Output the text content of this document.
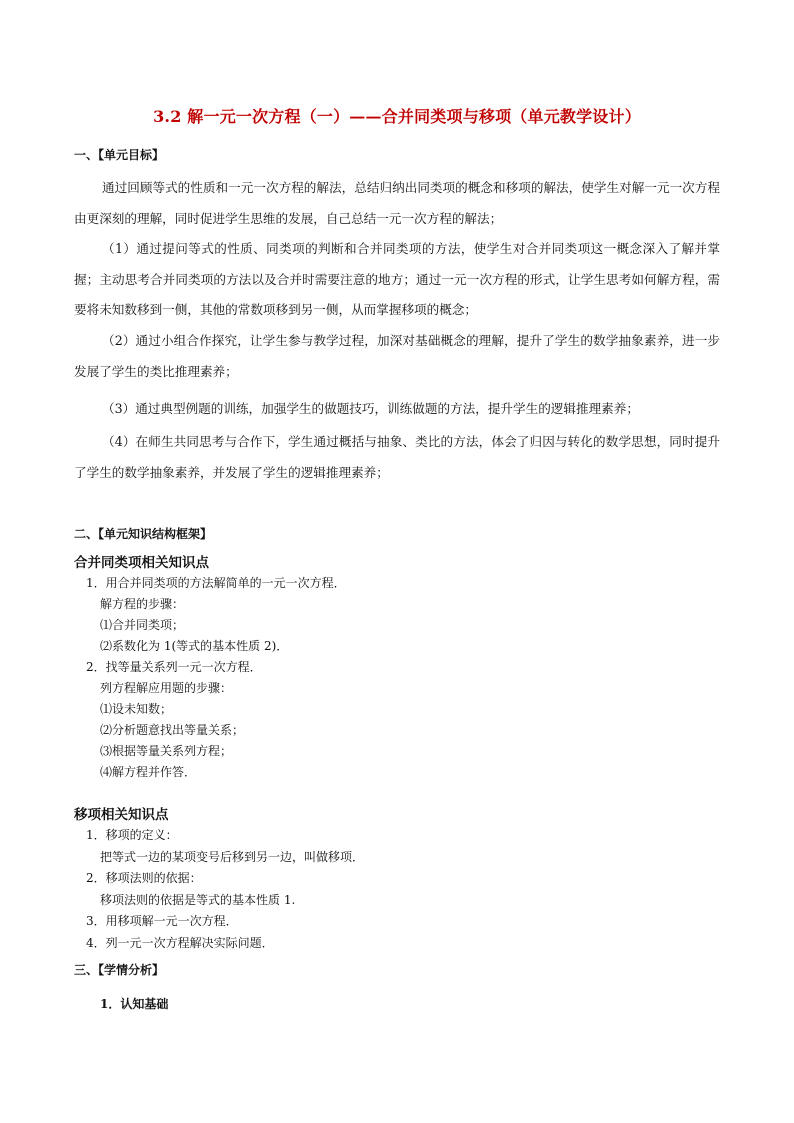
3.2 解一元一次方程（一）——合并同类项与移项（单元教学设计）
一、【单元目标】

通过回顾等式的性质和一元一次方程的解法，总结归纳出同类项的概念和移项的解法，使学生对解一元一次方程由更深刻的理解，同时促进学生思维的发展，自己总结一元一次方程的解法；

（1）通过提问等式的性质、同类项的判断和合并同类项的方法，使学生对合并同类项这一概念深入了解并掌握；主动思考合并同类项的方法以及合并时需要注意的地方；通过一元一次方程的形式，让学生思考如何解方程，需要将未知数移到一侧，其他的常数项移到另一侧，从而掌握移项的概念；

（2）通过小组合作探究，让学生参与教学过程，加深对基础概念的理解，提升了学生的数学抽象素养，进一步发展了学生的类比推理素养；

（3）通过典型例题的训练，加强学生的做题技巧，训练做题的方法，提升学生的逻辑推理素养；

（4）在师生共同思考与合作下，学生通过概括与抽象、类比的方法，体会了归因与转化的数学思想，同时提升了学生的数学抽象素养，并发展了学生的逻辑推理素养；

二、【单元知识结构框架】
合并同类项相关知识点
1．用合并同类项的方法解简单的一元一次方程．
解方程的步骤：
⑴合并同类项；
⑵系数化为 1(等式的基本性质 2)．
2．找等量关系列一元一次方程．
列方程解应用题的步骤：
⑴设未知数；
⑵分析题意找出等量关系；
⑶根据等量关系列方程；
⑷解方程并作答．
移项相关知识点
1．移项的定义：
把等式一边的某项变号后移到另一边，叫做移项．
2．移项法则的依据：
移项法则的依据是等式的基本性质 1.
3．用移项解一元一次方程．
4．列一元一次方程解决实际问题．
三、【学情分析】
1．认知基础
